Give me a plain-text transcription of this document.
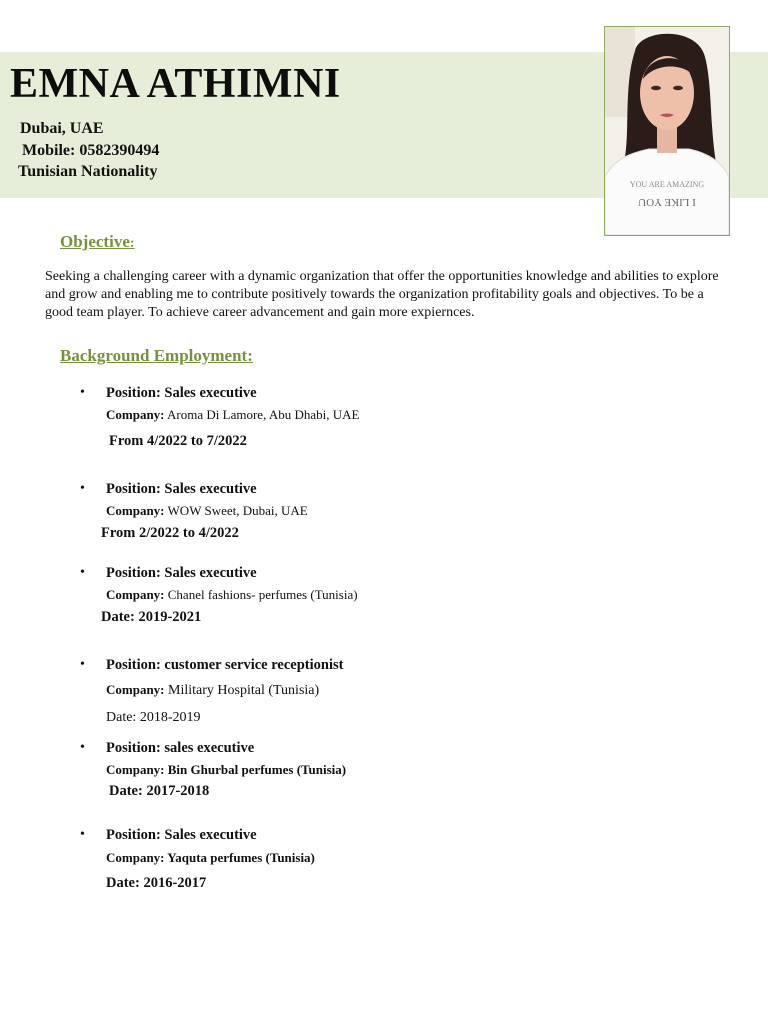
EMNA ATHIMNI
Dubai, UAE
Mobile: 0582390494
Tunisian Nationality
YOU ARE AMAZING
I LIKE YOU
Objective:
Seeking a challenging career with a dynamic organization that offer the opportunities knowledge and abilities to explore and grow and enabling me to contribute positively towards the organization profitability goals and objectives. To be a good team player. To achieve career advancement and gain more expiernces.
Background Employment:
• Position: Sales executive
Company: Aroma Di Lamore, Abu Dhabi, UAE
From 4/2022 to 7/2022
• Position: Sales executive
Company: WOW Sweet, Dubai, UAE
From 2/2022 to 4/2022
• Position: Sales executive
Company: Chanel fashions- perfumes (Tunisia)
Date: 2019-2021
• Position: customer service receptionist
Company: Military Hospital (Tunisia)
Date: 2018-2019
• Position: sales executive
Company: Bin Ghurbal perfumes (Tunisia)
Date: 2017-2018
• Position: Sales executive
Company: Yaquta perfumes (Tunisia)
Date: 2016-2017
